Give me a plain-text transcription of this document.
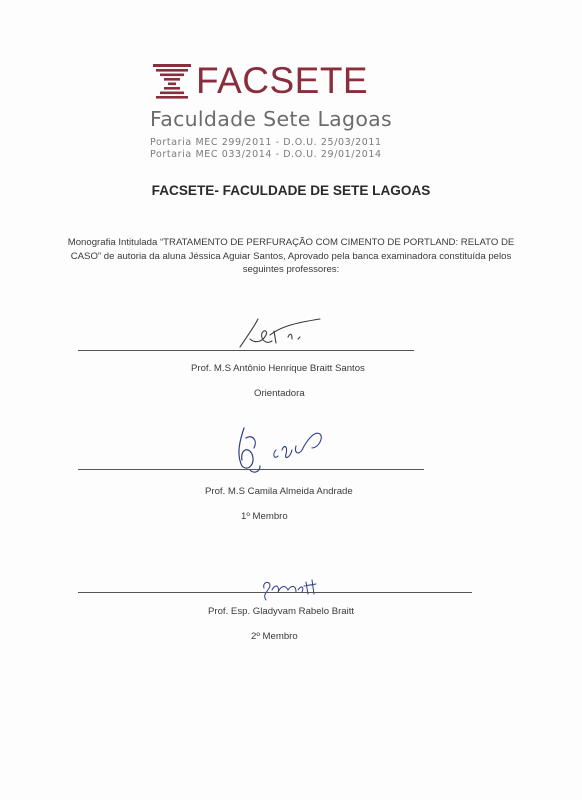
FACSETE
Faculdade Sete Lagoas
Portaria MEC 299/2011 - D.O.U. 25/03/2011
Portaria MEC 033/2014 - D.O.U. 29/01/2014
FACSETE- FACULDADE DE SETE LAGOAS
Monografia Intitulada “TRATAMENTO DE PERFURAÇÃO COM CIMENTO DE PORTLAND: RELATO DE CASO” de autoria da aluna Jéssica Aguiar Santos, Aprovado pela banca examinadora constituída pelos seguintes professores:
Prof. M.S Antônio Henrique Braitt Santos
Orientadora
Prof. M.S Camila Almeida Andrade
1º Membro
Prof. Esp. Gladyvam Rabelo Braitt
2º Membro
